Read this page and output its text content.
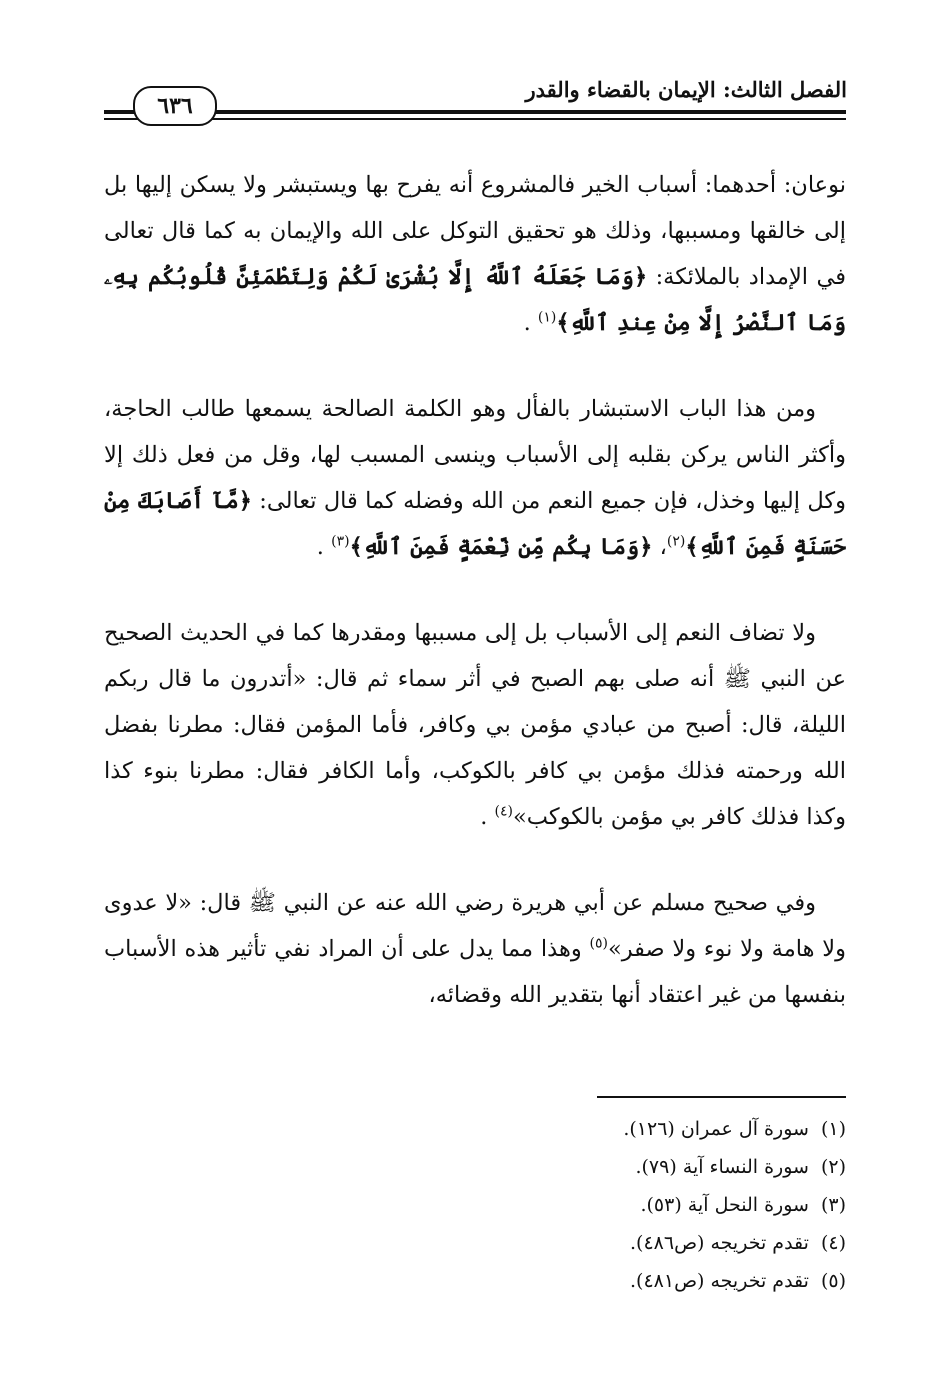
الفصل الثالث: الإيمان بالقضاء والقدر
٦٣٦

نوعان: أحدهما: أسباب الخير فالمشروع أنه يفرح بها ويستبشر ولا يسكن إليها بل إلى خالقها ومسببها، وذلك هو تحقيق التوكل على الله والإيمان به كما قال تعالى في الإمداد بالملائكة: ﴿وَمَا جَعَلَهُ ٱللَّهُ إِلَّا بُشْرَىٰ لَكُمْ وَلِتَطْمَئِنَّ قُلُوبُكُم بِهِۦ وَمَا ٱلنَّصْرُ إِلَّا مِنْ عِندِ ٱللَّهِ﴾$^{(١)}$ .

ومن هذا الباب الاستبشار بالفأل وهو الكلمة الصالحة يسمعها طالب الحاجة، وأكثر الناس يركن بقلبه إلى الأسباب وينسى المسبب لها، وقل من فعل ذلك إلا وكل إليها وخذل، فإن جميع النعم من الله وفضله كما قال تعالى: ﴿مَّآ أَصَابَكَ مِنْ حَسَنَةٍ فَمِنَ ٱللَّهِ﴾$^{(٢)}$، ﴿وَمَا بِكُم مِّن نِّعْمَةٍ فَمِنَ ٱللَّهِ﴾$^{(٣)}$ .

ولا تضاف النعم إلى الأسباب بل إلى مسببها ومقدرها كما في الحديث الصحيح عن النبي ﷺ أنه صلى بهم الصبح في أثر سماء ثم قال: «أتدرون ما قال ربكم الليلة، قال: أصبح من عبادي مؤمن بي وكافر، فأما المؤمن فقال: مطرنا بفضل الله ورحمته فذلك مؤمن بي كافر بالكوكب، وأما الكافر فقال: مطرنا بنوء كذا وكذا فذلك كافر بي مؤمن بالكوكب»$^{(٤)}$ .

وفي صحيح مسلم عن أبي هريرة رضي الله عنه عن النبي ﷺ قال: «لا عدوى ولا هامة ولا نوء ولا صفر»$^{(٥)}$ وهذا مما يدل على أن المراد نفي تأثير هذه الأسباب بنفسها من غير اعتقاد أنها بتقدير الله وقضائه،

(١)سورة آل عمران (١٢٦).

(٢)سورة النساء آية (٧٩).

(٣)سورة النحل آية (٥٣).

(٤)تقدم تخريجه (ص٤٨٦).

(٥)تقدم تخريجه (ص٤٨١).
